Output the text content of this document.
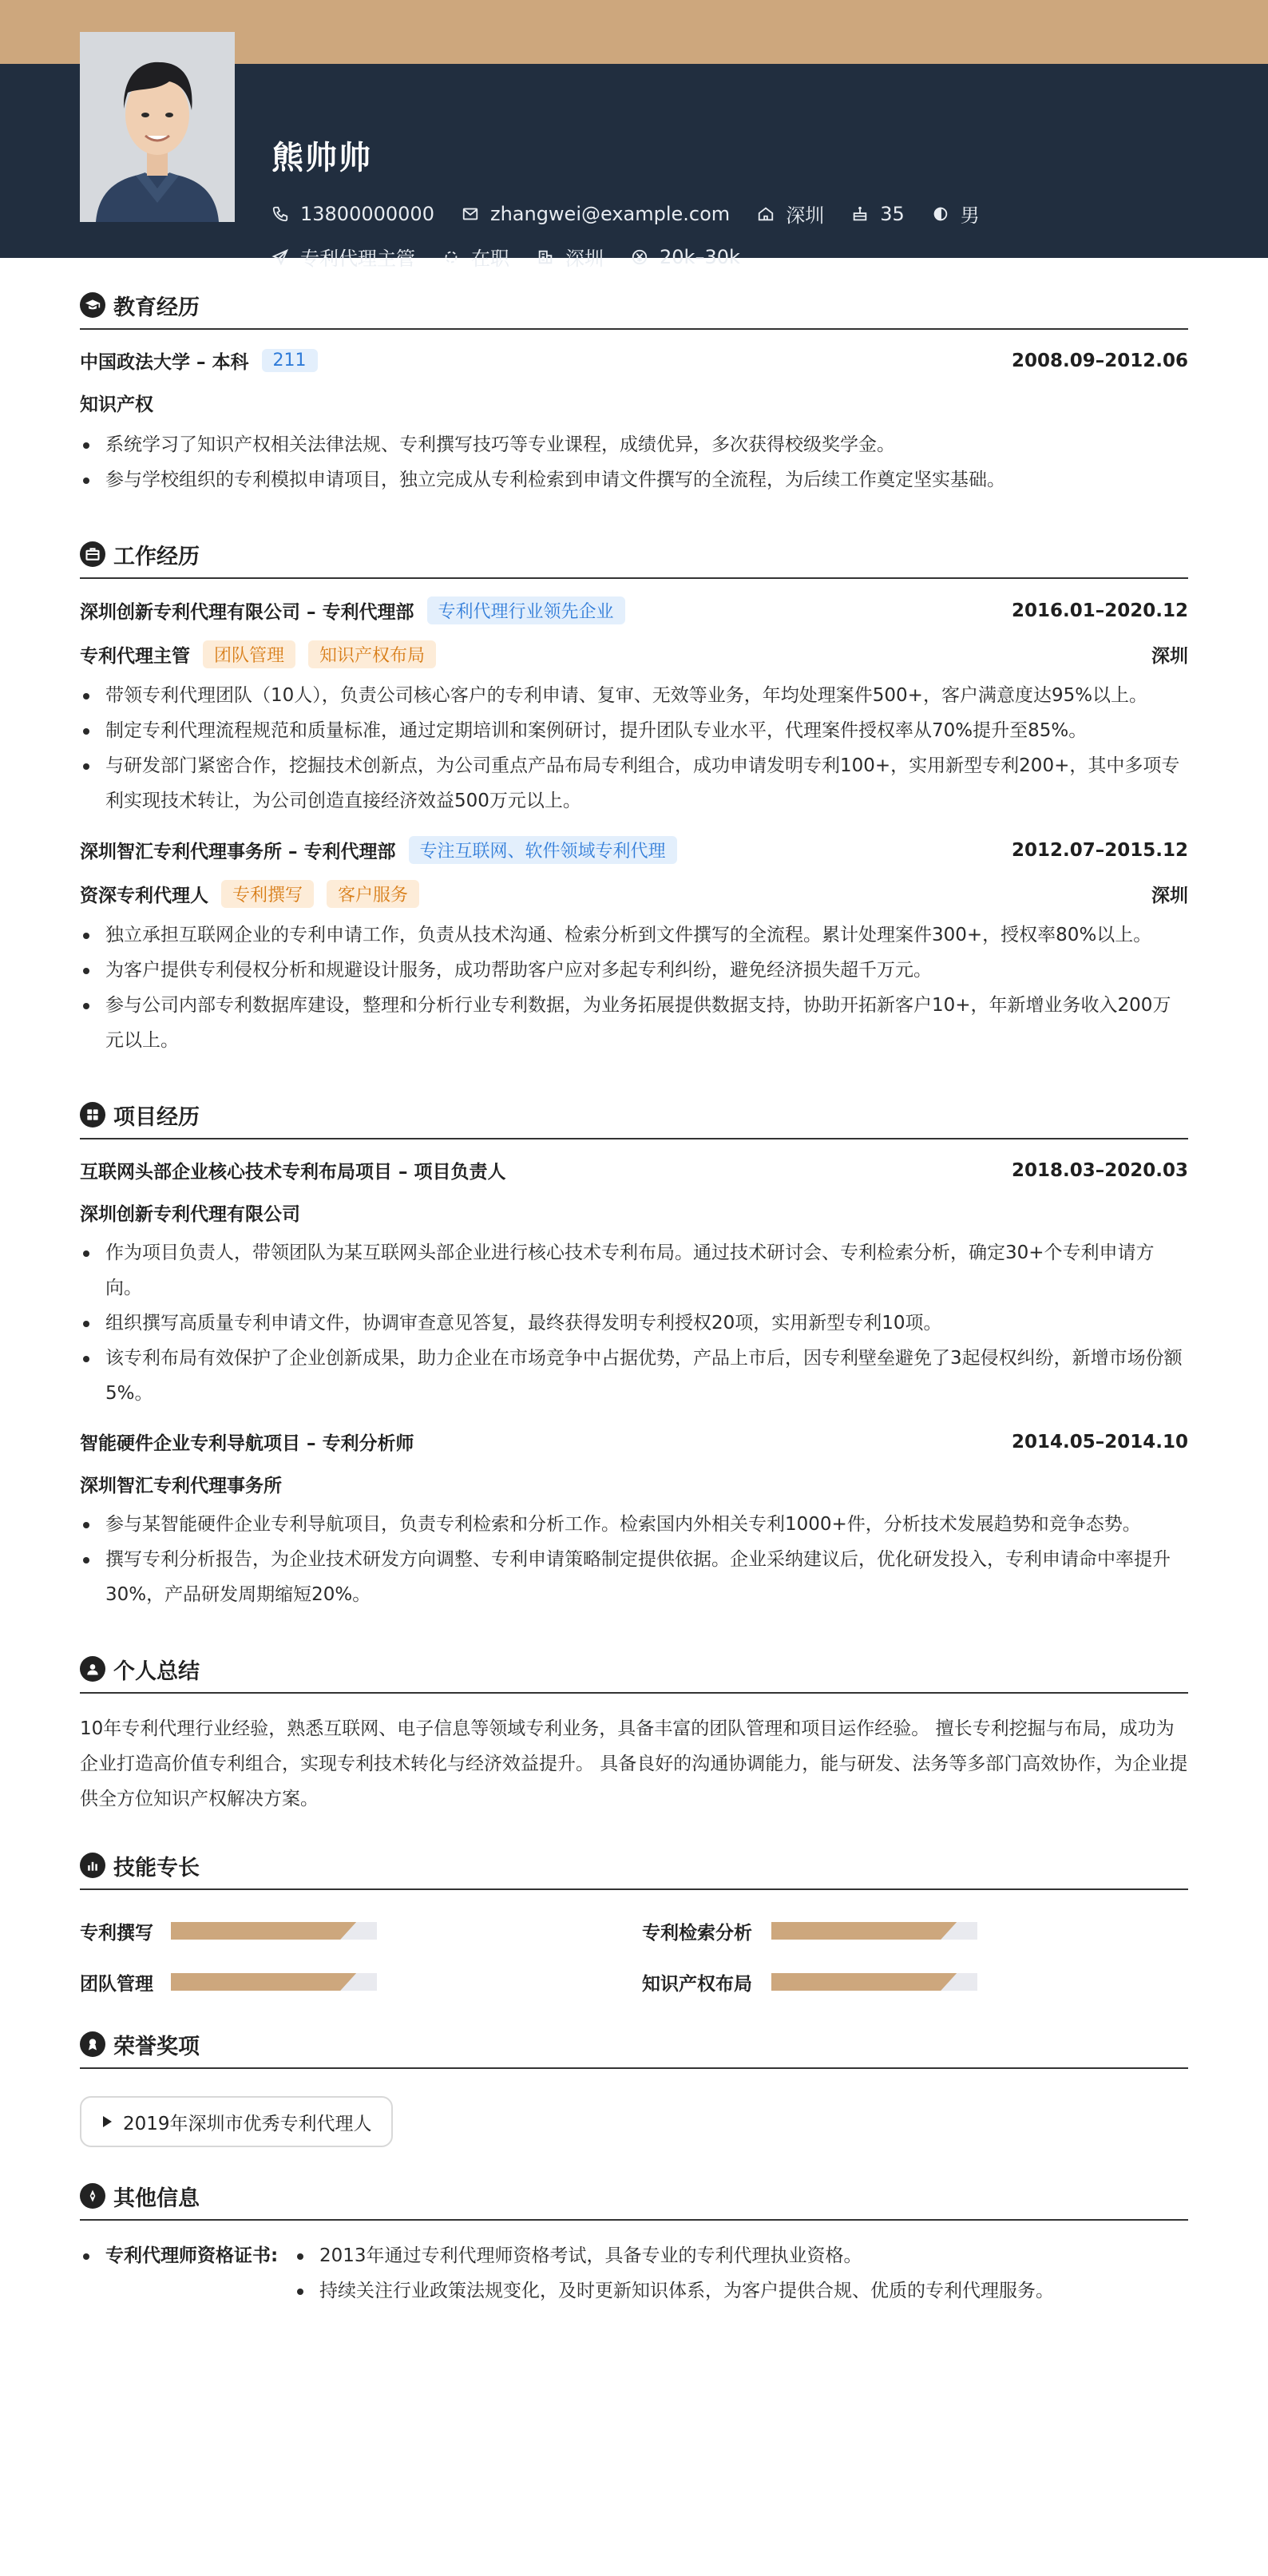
熊帅帅
13800000000	zhangwei@example.com	深圳	35	男
专利代理主管	在职	深圳	20k–30k
教育经历
中国政法大学 – 本科	211	2008.09–2012.06
知识产权
系统学习了知识产权相关法律法规、专利撰写技巧等专业课程，成绩优异，多次获得校级奖学金。
参与学校组织的专利模拟申请项目，独立完成从专利检索到申请文件撰写的全流程，为后续工作奠定坚实基础。
工作经历
深圳创新专利代理有限公司 – 专利代理部	专利代理行业领先企业	2016.01–2020.12
专利代理主管	团队管理	知识产权布局	深圳
带领专利代理团队（10人），负责公司核心客户的专利申请、复审、无效等业务，年均处理案件500+，客户满意度达95%以上。
制定专利代理流程规范和质量标准，通过定期培训和案例研讨，提升团队专业水平，代理案件授权率从70%提升至85%。
与研发部门紧密合作，挖掘技术创新点，为公司重点产品布局专利组合，成功申请发明专利100+，实用新型专利200+，其中多项专利实现技术转让，为公司创造直接经济效益500万元以上。
深圳智汇专利代理事务所 – 专利代理部	专注互联网、软件领域专利代理	2012.07–2015.12
资深专利代理人	专利撰写	客户服务	深圳
独立承担互联网企业的专利申请工作，负责从技术沟通、检索分析到文件撰写的全流程。累计处理案件300+，授权率80%以上。
为客户提供专利侵权分析和规避设计服务，成功帮助客户应对多起专利纠纷，避免经济损失超千万元。
参与公司内部专利数据库建设，整理和分析行业专利数据，为业务拓展提供数据支持，协助开拓新客户10+，年新增业务收入200万元以上。
项目经历
互联网头部企业核心技术专利布局项目 – 项目负责人	2018.03–2020.03
深圳创新专利代理有限公司
作为项目负责人，带领团队为某互联网头部企业进行核心技术专利布局。通过技术研讨会、专利检索分析，确定30+个专利申请方向。
组织撰写高质量专利申请文件，协调审查意见答复，最终获得发明专利授权20项，实用新型专利10项。
该专利布局有效保护了企业创新成果，助力企业在市场竞争中占据优势，产品上市后，因专利壁垒避免了3起侵权纠纷，新增市场份额5%。
智能硬件企业专利导航项目 – 专利分析师	2014.05–2014.10
深圳智汇专利代理事务所
参与某智能硬件企业专利导航项目，负责专利检索和分析工作。检索国内外相关专利1000+件，分析技术发展趋势和竞争态势。
撰写专利分析报告，为企业技术研发方向调整、专利申请策略制定提供依据。企业采纳建议后，优化研发投入，专利申请命中率提升30%，产品研发周期缩短20%。
个人总结
10年专利代理行业经验，熟悉互联网、电子信息等领域专利业务，具备丰富的团队管理和项目运作经验。 擅长专利挖掘与布局，成功为企业打造高价值专利组合，实现专利技术转化与经济效益提升。 具备良好的沟通协调能力，能与研发、法务等多部门高效协作，为企业提供全方位知识产权解决方案。
技能专长
专利撰写	专利检索分析
团队管理	知识产权布局
荣誉奖项
2019年深圳市优秀专利代理人
其他信息
专利代理师资格证书:	2013年通过专利代理师资格考试，具备专业的专利代理执业资格。
持续关注行业政策法规变化，及时更新知识体系，为客户提供合规、优质的专利代理服务。
